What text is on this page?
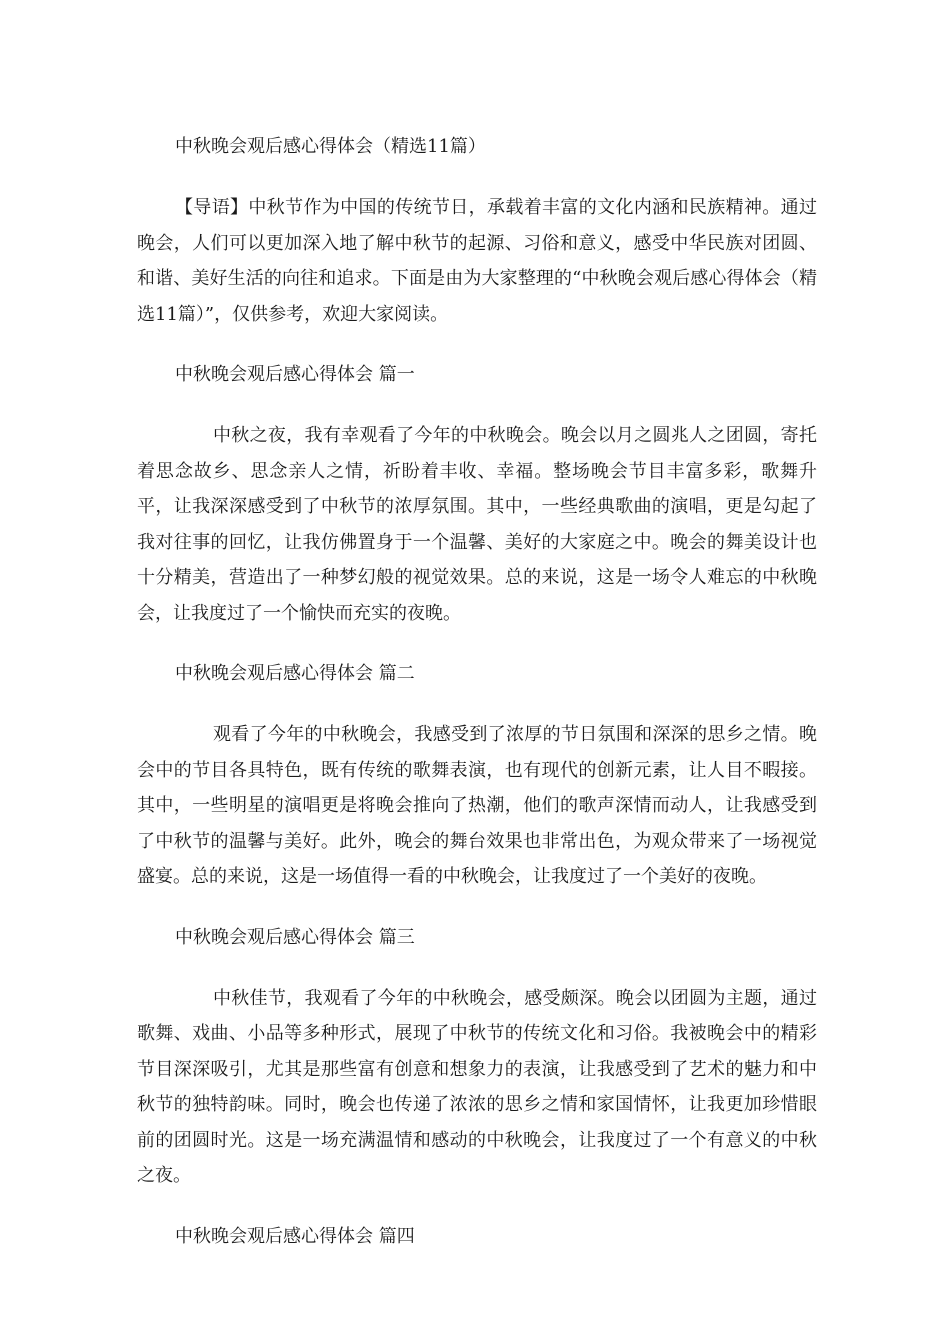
中秋晚会观后感心得体会（精选11篇）

【导语】中秋节作为中国的传统节日，承载着丰富的文化内涵和民族精神。通过晚会，人们可以更加深入地了解中秋节的起源、习俗和意义，感受中华民族对团圆、和谐、美好生活的向往和追求。下面是由为大家整理的“中秋晚会观后感心得体会（精选11篇）”，仅供参考，欢迎大家阅读。

中秋晚会观后感心得体会 篇一

中秋之夜，我有幸观看了今年的中秋晚会。晚会以月之圆兆人之团圆，寄托着思念故乡、思念亲人之情，祈盼着丰收、幸福。整场晚会节目丰富多彩，歌舞升平，让我深深感受到了中秋节的浓厚氛围。其中，一些经典歌曲的演唱，更是勾起了我对往事的回忆，让我仿佛置身于一个温馨、美好的大家庭之中。晚会的舞美设计也十分精美，营造出了一种梦幻般的视觉效果。总的来说，这是一场令人难忘的中秋晚会，让我度过了一个愉快而充实的夜晚。

中秋晚会观后感心得体会 篇二

观看了今年的中秋晚会，我感受到了浓厚的节日氛围和深深的思乡之情。晚会中的节目各具特色，既有传统的歌舞表演，也有现代的创新元素，让人目不暇接。其中，一些明星的演唱更是将晚会推向了热潮，他们的歌声深情而动人，让我感受到了中秋节的温馨与美好。此外，晚会的舞台效果也非常出色，为观众带来了一场视觉盛宴。总的来说，这是一场值得一看的中秋晚会，让我度过了一个美好的夜晚。

中秋晚会观后感心得体会 篇三

中秋佳节，我观看了今年的中秋晚会，感受颇深。晚会以团圆为主题，通过歌舞、戏曲、小品等多种形式，展现了中秋节的传统文化和习俗。我被晚会中的精彩节目深深吸引，尤其是那些富有创意和想象力的表演，让我感受到了艺术的魅力和中秋节的独特韵味。同时，晚会也传递了浓浓的思乡之情和家国情怀，让我更加珍惜眼前的团圆时光。这是一场充满温情和感动的中秋晚会，让我度过了一个有意义的中秋之夜。

中秋晚会观后感心得体会 篇四
